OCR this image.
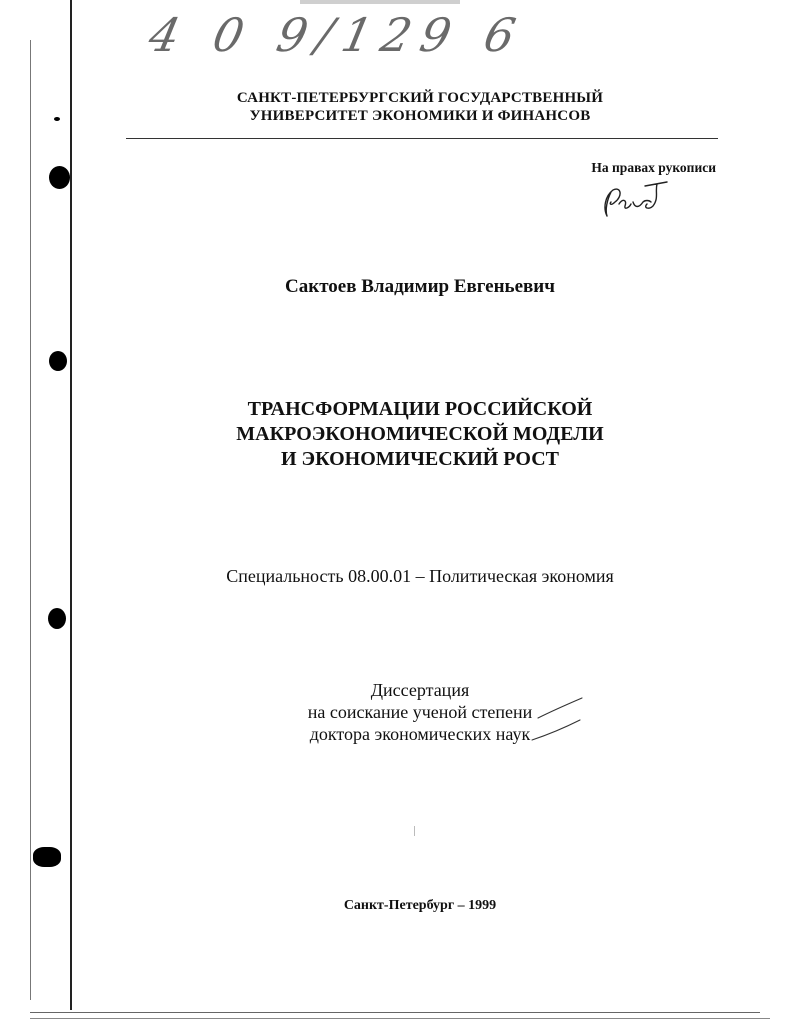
4 0 9/129 6
САНКТ-ПЕТЕРБУРГСКИЙ ГОСУДАРСТВЕННЫЙ
УНИВЕРСИТЕТ ЭКОНОМИКИ И ФИНАНСОВ
На правах рукописи
Сактоев Владимир Евгеньевич
ТРАНСФОРМАЦИИ РОССИЙСКОЙ
МАКРОЭКОНОМИЧЕСКОЙ МОДЕЛИ
И ЭКОНОМИЧЕСКИЙ РОСТ
Специальность 08.00.01 – Политическая экономия
Диссертация
на соискание ученой степени
доктора экономических наук
Санкт-Петербург – 1999
